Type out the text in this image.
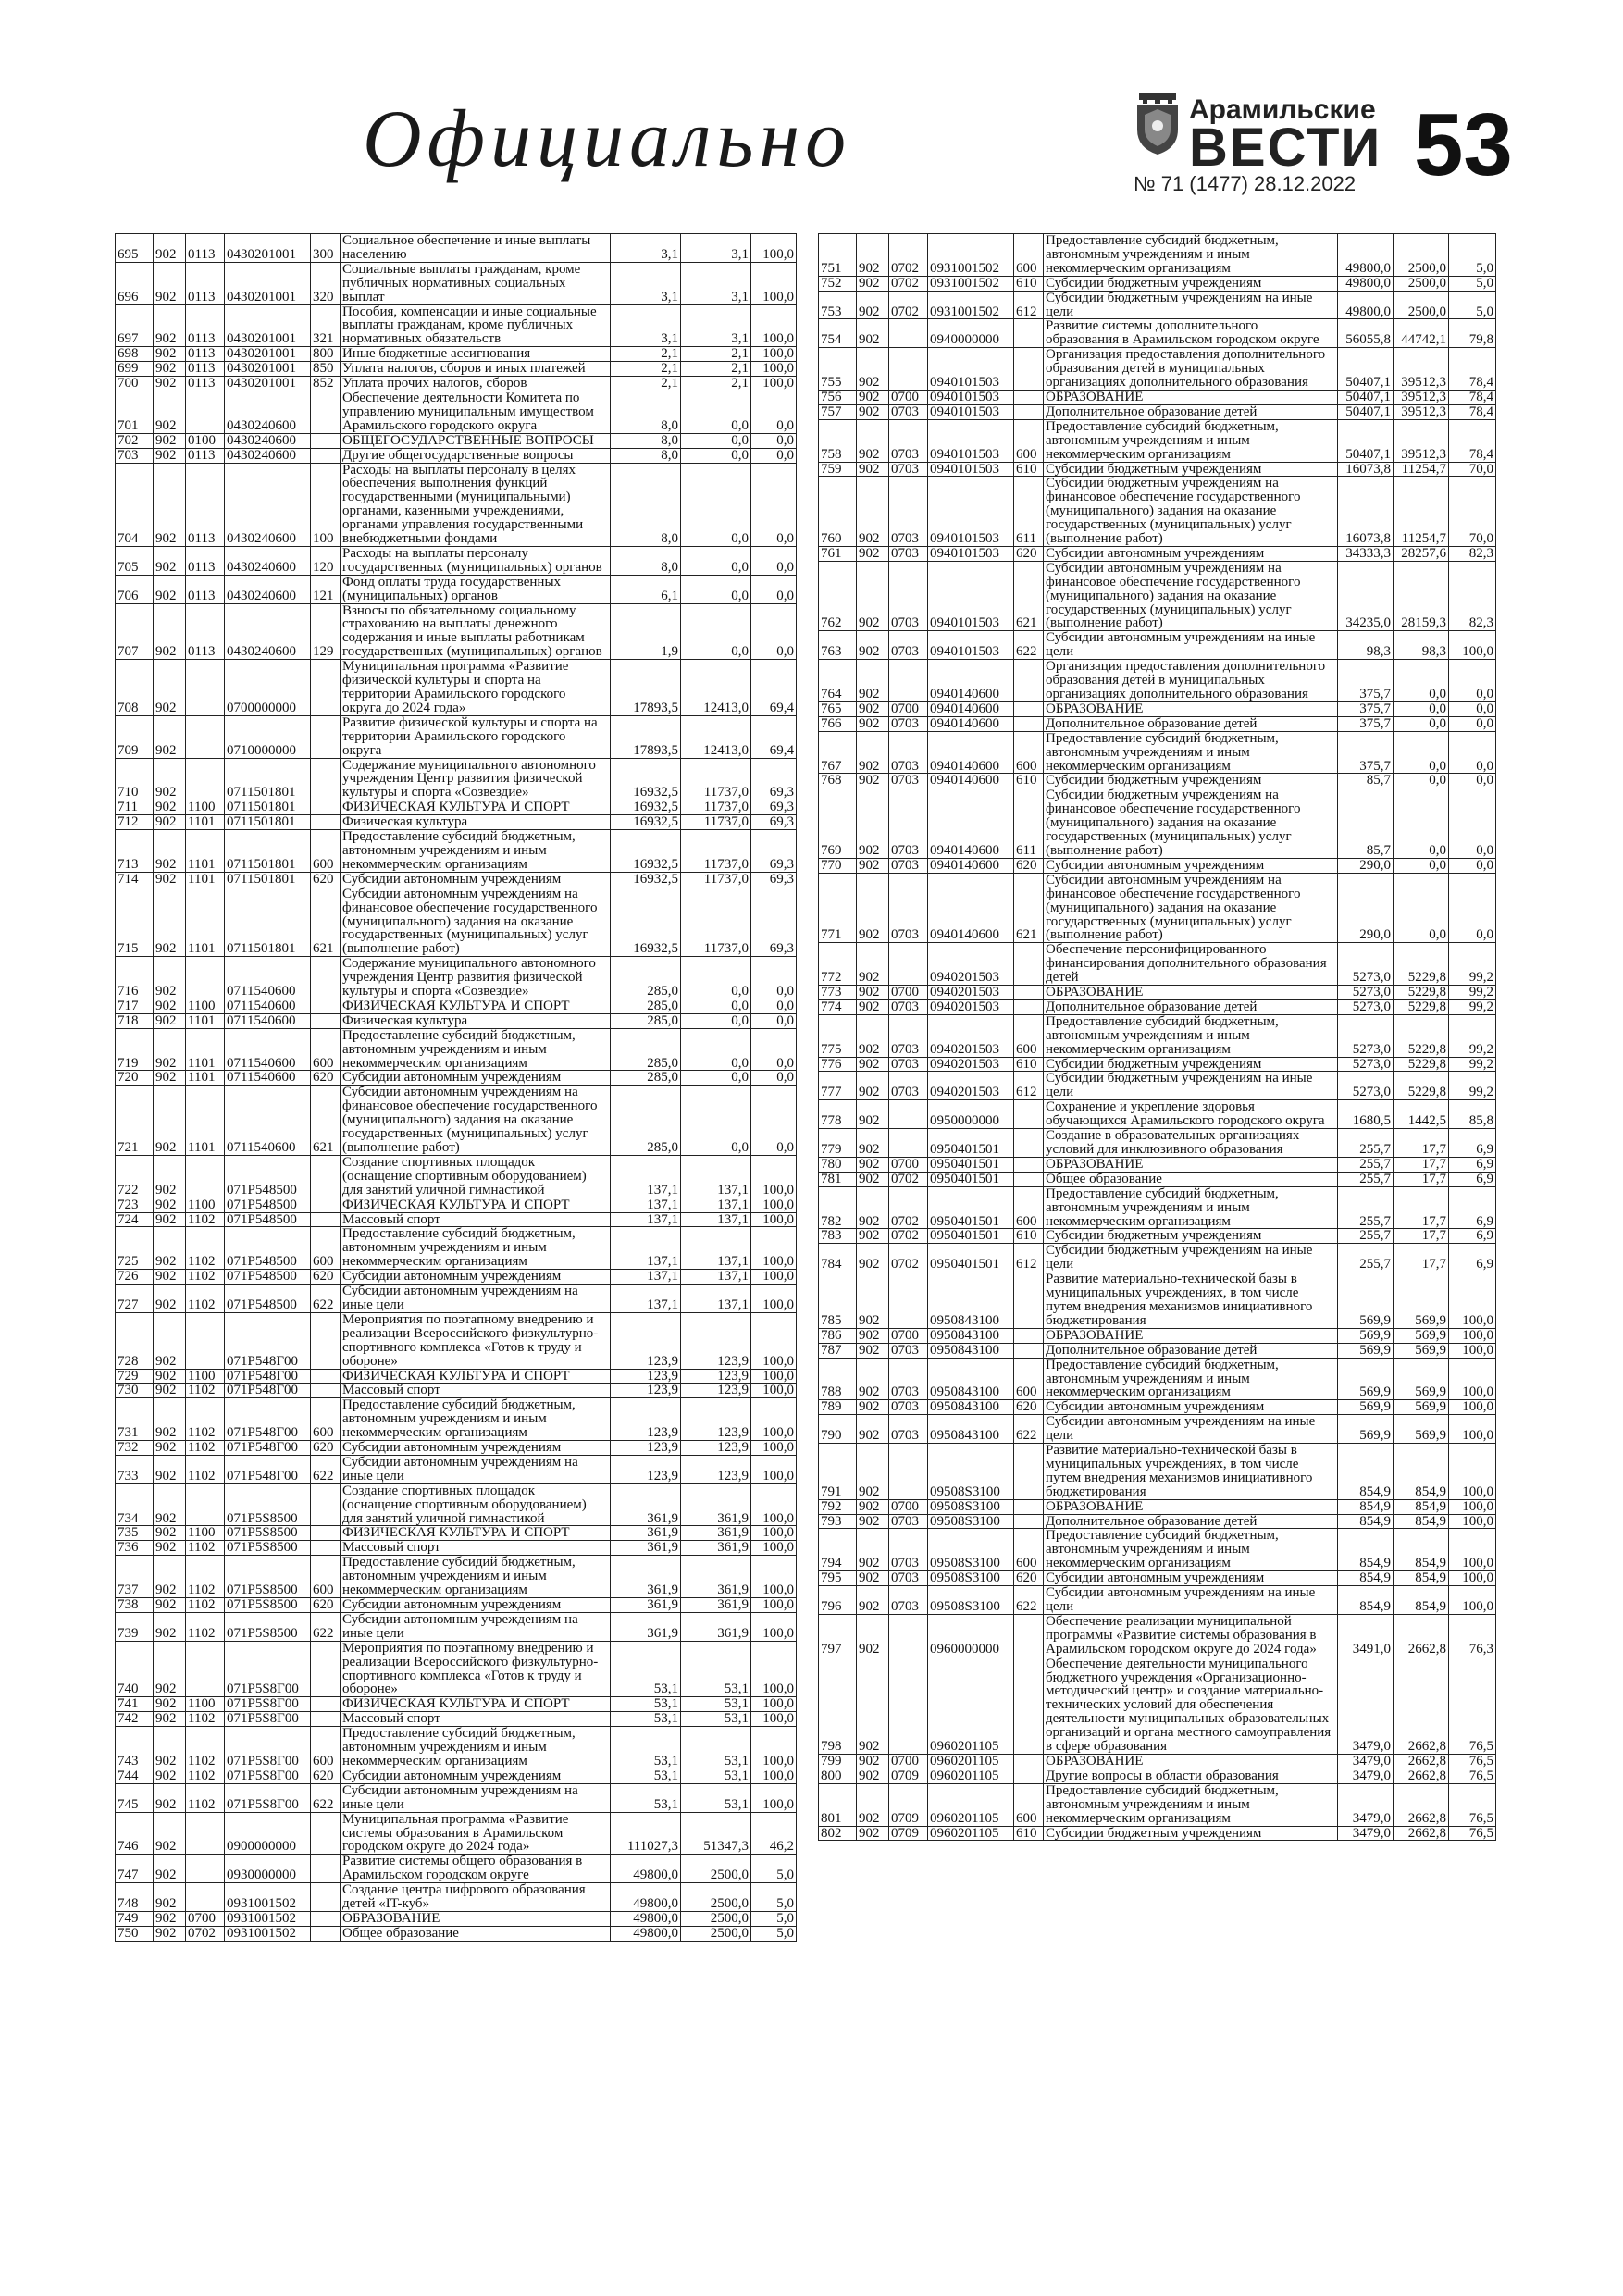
Официально	Арамильские
ВЕСТИ
№ 71 (1477) 28.12.2022 53
695	902	0113	0430201001	300	Социальное обеспечение и иные выплаты населению	3,1	3,1	100,0
696	902	0113	0430201001	320	Социальные выплаты гражданам, кроме публичных нормативных социальных выплат	3,1	3,1	100,0
697	902	0113	0430201001	321	Пособия, компенсации и иные социальные выплаты гражданам, кроме публичных нормативных обязательств	3,1	3,1	100,0
698	902	0113	0430201001	800	Иные бюджетные ассигнования	2,1	2,1	100,0
699	902	0113	0430201001	850	Уплата налогов, сборов и иных платежей	2,1	2,1	100,0
700	902	0113	0430201001	852	Уплата прочих налогов, сборов	2,1	2,1	100,0
701	902		0430240600		Обеспечение деятельности Комитета по управлению муниципальным имуществом Арамильского городского округа	8,0	0,0	0,0
702	902	0100	0430240600		ОБЩЕГОСУДАРСТВЕННЫЕ ВОПРОСЫ	8,0	0,0	0,0
703	902	0113	0430240600		Другие общегосударственные вопросы	8,0	0,0	0,0
704	902	0113	0430240600	100	Расходы на выплаты персоналу в целях обеспечения выполнения функций государственными (муниципальными) органами, казенными учреждениями, органами управления государственными внебюджетными фондами	8,0	0,0	0,0
705	902	0113	0430240600	120	Расходы на выплаты персоналу государственных (муниципальных) органов	8,0	0,0	0,0
706	902	0113	0430240600	121	Фонд оплаты труда государственных (муниципальных) органов	6,1	0,0	0,0
707	902	0113	0430240600	129	Взносы по обязательному социальному страхованию на выплаты денежного содержания и иные выплаты работникам государственных (муниципальных) органов	1,9	0,0	0,0
708	902		0700000000		Муниципальная программа «Развитие физической культуры и спорта на территории Арамильского городского округа до 2024 года»	17893,5	12413,0	69,4
709	902		0710000000		Развитие физической культуры и спорта на территории Арамильского городского округа	17893,5	12413,0	69,4
710	902		0711501801		Содержание муниципального автономного учреждения Центр развития физической культуры и спорта «Созвездие»	16932,5	11737,0	69,3
711	902	1100	0711501801		ФИЗИЧЕСКАЯ КУЛЬТУРА И СПОРТ	16932,5	11737,0	69,3
712	902	1101	0711501801		Физическая культура	16932,5	11737,0	69,3
713	902	1101	0711501801	600	Предоставление субсидий бюджетным, автономным учреждениям и иным некоммерческим организациям	16932,5	11737,0	69,3
714	902	1101	0711501801	620	Субсидии автономным учреждениям	16932,5	11737,0	69,3
715	902	1101	0711501801	621	Субсидии автономным учреждениям на финансовое обеспечение государственного (муниципального) задания на оказание государственных (муниципальных) услуг (выполнение работ)	16932,5	11737,0	69,3
716	902		0711540600		Содержание муниципального автономного учреждения Центр развития физической культуры и спорта «Созвездие»	285,0	0,0	0,0
717	902	1100	0711540600		ФИЗИЧЕСКАЯ КУЛЬТУРА И СПОРТ	285,0	0,0	0,0
718	902	1101	0711540600		Физическая культура	285,0	0,0	0,0
719	902	1101	0711540600	600	Предоставление субсидий бюджетным, автономным учреждениям и иным некоммерческим организациям	285,0	0,0	0,0
720	902	1101	0711540600	620	Субсидии автономным учреждениям	285,0	0,0	0,0
721	902	1101	0711540600	621	Субсидии автономным учреждениям на финансовое обеспечение государственного (муниципального) задания на оказание государственных (муниципальных) услуг (выполнение работ)	285,0	0,0	0,0
722	902		071P548500		Создание спортивных площадок (оснащение спортивным оборудованием) для занятий уличной гимнастикой	137,1	137,1	100,0
723	902	1100	071P548500		ФИЗИЧЕСКАЯ КУЛЬТУРА И СПОРТ	137,1	137,1	100,0
724	902	1102	071P548500		Массовый спорт	137,1	137,1	100,0
725	902	1102	071P548500	600	Предоставление субсидий бюджетным, автономным учреждениям и иным некоммерческим организациям	137,1	137,1	100,0
726	902	1102	071P548500	620	Субсидии автономным учреждениям	137,1	137,1	100,0
727	902	1102	071P548500	622	Субсидии автономным учреждениям на иные цели	137,1	137,1	100,0
728	902		071P548Г00		Мероприятия по поэтапному внедрению и реализации Всероссийского физкультурно-спортивного комплекса «Готов к труду и обороне»	123,9	123,9	100,0
729	902	1100	071P548Г00		ФИЗИЧЕСКАЯ КУЛЬТУРА И СПОРТ	123,9	123,9	100,0
730	902	1102	071P548Г00		Массовый спорт	123,9	123,9	100,0
731	902	1102	071P548Г00	600	Предоставление субсидий бюджетным, автономным учреждениям и иным некоммерческим организациям	123,9	123,9	100,0
732	902	1102	071P548Г00	620	Субсидии автономным учреждениям	123,9	123,9	100,0
733	902	1102	071P548Г00	622	Субсидии автономным учреждениям на иные цели	123,9	123,9	100,0
734	902		071P5S8500		Создание спортивных площадок (оснащение спортивным оборудованием) для занятий уличной гимнастикой	361,9	361,9	100,0
735	902	1100	071P5S8500		ФИЗИЧЕСКАЯ КУЛЬТУРА И СПОРТ	361,9	361,9	100,0
736	902	1102	071P5S8500		Массовый спорт	361,9	361,9	100,0
737	902	1102	071P5S8500	600	Предоставление субсидий бюджетным, автономным учреждениям и иным некоммерческим организациям	361,9	361,9	100,0
738	902	1102	071P5S8500	620	Субсидии автономным учреждениям	361,9	361,9	100,0
739	902	1102	071P5S8500	622	Субсидии автономным учреждениям на иные цели	361,9	361,9	100,0
740	902		071P5S8Г00		Мероприятия по поэтапному внедрению и реализации Всероссийского физкультурно-спортивного комплекса «Готов к труду и обороне»	53,1	53,1	100,0
741	902	1100	071P5S8Г00		ФИЗИЧЕСКАЯ КУЛЬТУРА И СПОРТ	53,1	53,1	100,0
742	902	1102	071P5S8Г00		Массовый спорт	53,1	53,1	100,0
743	902	1102	071P5S8Г00	600	Предоставление субсидий бюджетным, автономным учреждениям и иным некоммерческим организациям	53,1	53,1	100,0
744	902	1102	071P5S8Г00	620	Субсидии автономным учреждениям	53,1	53,1	100,0
745	902	1102	071P5S8Г00	622	Субсидии автономным учреждениям на иные цели	53,1	53,1	100,0
746	902		0900000000		Муниципальная программа «Развитие системы образования в Арамильском городском округе до 2024 года»	111027,3	51347,3	46,2
747	902		0930000000		Развитие системы общего образования в Арамильском городском округе	49800,0	2500,0	5,0
748	902		0931001502		Создание центра цифрового образования детей «IT-куб»	49800,0	2500,0	5,0
749	902	0700	0931001502		ОБРАЗОВАНИЕ	49800,0	2500,0	5,0
750	902	0702	0931001502		Общее образование	49800,0	2500,0	5,0
751	902	0702	0931001502	600	Предоставление субсидий бюджетным, автономным учреждениям и иным некоммерческим организациям	49800,0	2500,0	5,0
752	902	0702	0931001502	610	Субсидии бюджетным учреждениям	49800,0	2500,0	5,0
753	902	0702	0931001502	612	Субсидии бюджетным учреждениям на иные цели	49800,0	2500,0	5,0
754	902		0940000000		Развитие системы дополнительного образования в Арамильском городском округе	56055,8	44742,1	79,8
755	902		0940101503		Организация предоставления дополнительного образования детей в муниципальных организациях дополнительного образования	50407,1	39512,3	78,4
756	902	0700	0940101503		ОБРАЗОВАНИЕ	50407,1	39512,3	78,4
757	902	0703	0940101503		Дополнительное образование детей	50407,1	39512,3	78,4
758	902	0703	0940101503	600	Предоставление субсидий бюджетным, автономным учреждениям и иным некоммерческим организациям	50407,1	39512,3	78,4
759	902	0703	0940101503	610	Субсидии бюджетным учреждениям	16073,8	11254,7	70,0
760	902	0703	0940101503	611	Субсидии бюджетным учреждениям на финансовое обеспечение государственного (муниципального) задания на оказание государственных (муниципальных) услуг (выполнение работ)	16073,8	11254,7	70,0
761	902	0703	0940101503	620	Субсидии автономным учреждениям	34333,3	28257,6	82,3
762	902	0703	0940101503	621	Субсидии автономным учреждениям на финансовое обеспечение государственного (муниципального) задания на оказание государственных (муниципальных) услуг (выполнение работ)	34235,0	28159,3	82,3
763	902	0703	0940101503	622	Субсидии автономным учреждениям на иные цели	98,3	98,3	100,0
764	902		0940140600		Организация предоставления дополнительного образования детей в муниципальных организациях дополнительного образования	375,7	0,0	0,0
765	902	0700	0940140600		ОБРАЗОВАНИЕ	375,7	0,0	0,0
766	902	0703	0940140600		Дополнительное образование детей	375,7	0,0	0,0
767	902	0703	0940140600	600	Предоставление субсидий бюджетным, автономным учреждениям и иным некоммерческим организациям	375,7	0,0	0,0
768	902	0703	0940140600	610	Субсидии бюджетным учреждениям	85,7	0,0	0,0
769	902	0703	0940140600	611	Субсидии бюджетным учреждениям на финансовое обеспечение государственного (муниципального) задания на оказание государственных (муниципальных) услуг (выполнение работ)	85,7	0,0	0,0
770	902	0703	0940140600	620	Субсидии автономным учреждениям	290,0	0,0	0,0
771	902	0703	0940140600	621	Субсидии автономным учреждениям на финансовое обеспечение государственного (муниципального) задания на оказание государственных (муниципальных) услуг (выполнение работ)	290,0	0,0	0,0
772	902		0940201503		Обеспечение персонифицированного финансирования дополнительного образования детей	5273,0	5229,8	99,2
773	902	0700	0940201503		ОБРАЗОВАНИЕ	5273,0	5229,8	99,2
774	902	0703	0940201503		Дополнительное образование детей	5273,0	5229,8	99,2
775	902	0703	0940201503	600	Предоставление субсидий бюджетным, автономным учреждениям и иным некоммерческим организациям	5273,0	5229,8	99,2
776	902	0703	0940201503	610	Субсидии бюджетным учреждениям	5273,0	5229,8	99,2
777	902	0703	0940201503	612	Субсидии бюджетным учреждениям на иные цели	5273,0	5229,8	99,2
778	902		0950000000		Сохранение и укрепление здоровья обучающихся Арамильского городского округа	1680,5	1442,5	85,8
779	902		0950401501		Создание в образовательных организациях условий для инклюзивного образования	255,7	17,7	6,9
780	902	0700	0950401501		ОБРАЗОВАНИЕ	255,7	17,7	6,9
781	902	0702	0950401501		Общее образование	255,7	17,7	6,9
782	902	0702	0950401501	600	Предоставление субсидий бюджетным, автономным учреждениям и иным некоммерческим организациям	255,7	17,7	6,9
783	902	0702	0950401501	610	Субсидии бюджетным учреждениям	255,7	17,7	6,9
784	902	0702	0950401501	612	Субсидии бюджетным учреждениям на иные цели	255,7	17,7	6,9
785	902		0950843100		Развитие материально-технической базы в муниципальных учреждениях, в том числе путем внедрения механизмов инициативного бюджетирования	569,9	569,9	100,0
786	902	0700	0950843100		ОБРАЗОВАНИЕ	569,9	569,9	100,0
787	902	0703	0950843100		Дополнительное образование детей	569,9	569,9	100,0
788	902	0703	0950843100	600	Предоставление субсидий бюджетным, автономным учреждениям и иным некоммерческим организациям	569,9	569,9	100,0
789	902	0703	0950843100	620	Субсидии автономным учреждениям	569,9	569,9	100,0
790	902	0703	0950843100	622	Субсидии автономным учреждениям на иные цели	569,9	569,9	100,0
791	902		09508S3100		Развитие материально-технической базы в муниципальных учреждениях, в том числе путем внедрения механизмов инициативного бюджетирования	854,9	854,9	100,0
792	902	0700	09508S3100		ОБРАЗОВАНИЕ	854,9	854,9	100,0
793	902	0703	09508S3100		Дополнительное образование детей	854,9	854,9	100,0
794	902	0703	09508S3100	600	Предоставление субсидий бюджетным, автономным учреждениям и иным некоммерческим организациям	854,9	854,9	100,0
795	902	0703	09508S3100	620	Субсидии автономным учреждениям	854,9	854,9	100,0
796	902	0703	09508S3100	622	Субсидии автономным учреждениям на иные цели	854,9	854,9	100,0
797	902		0960000000		Обеспечение реализации муниципальной программы «Развитие системы образования в Арамильском городском округе до 2024 года»	3491,0	2662,8	76,3
798	902		0960201105		Обеспечение деятельности муниципального бюджетного учреждения «Организационно-методический центр» и создание материально-технических условий для обеспечения деятельности муниципальных образовательных организаций и органа местного самоуправления в сфере образования	3479,0	2662,8	76,5
799	902	0700	0960201105		ОБРАЗОВАНИЕ	3479,0	2662,8	76,5
800	902	0709	0960201105		Другие вопросы в области образования	3479,0	2662,8	76,5
801	902	0709	0960201105	600	Предоставление субсидий бюджетным, автономным учреждениям и иным некоммерческим организациям	3479,0	2662,8	76,5
802	902	0709	0960201105	610	Субсидии бюджетным учреждениям	3479,0	2662,8	76,5
